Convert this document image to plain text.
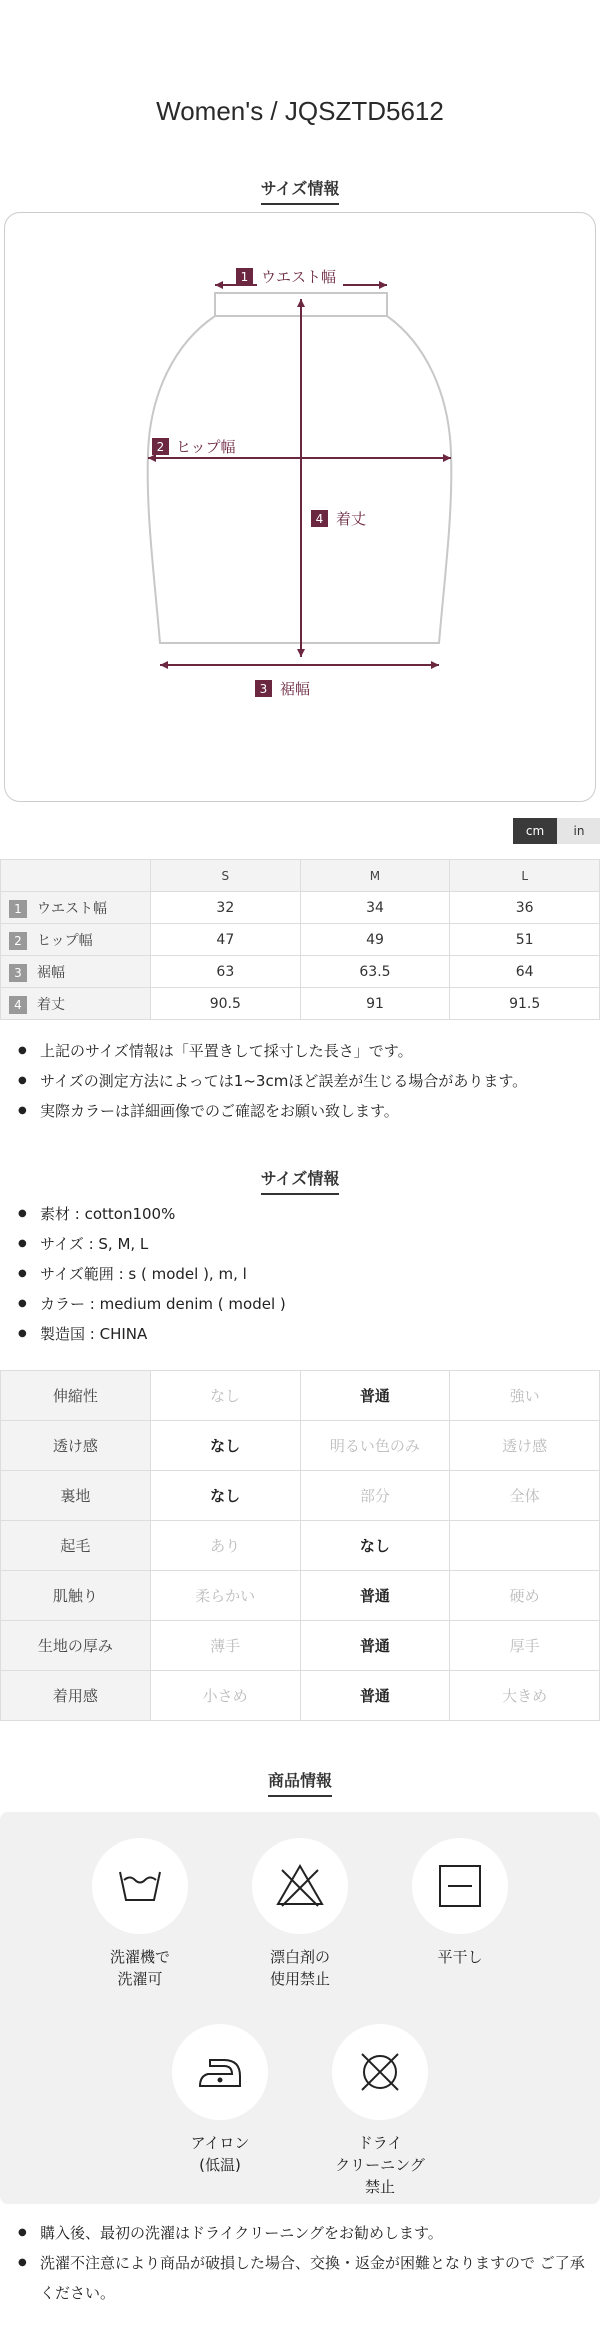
Women's / JQSZTD5612
サイズ情報
1 ウエスト幅
2 ヒップ幅
4 着丈
3 裾幅
cm	in
	S	M	L
1 ウエスト幅	32	34	36
2 ヒップ幅	47	49	51
3 裾幅	63	63.5	64
4 着丈	90.5	91	91.5
● 上記のサイズ情報は「平置きして採寸した長さ」です。
● サイズの測定方法によっては1~3cmほど誤差が生じる場合があります。
● 実際カラーは詳細画像でのご確認をお願い致します。
サイズ情報
● 素材 : cotton100%
● サイズ : S, M, L
● サイズ範囲 : s ( model ), m, l
● カラー : medium denim ( model )
● 製造国 : CHINA
伸縮性	なし	普通	強い
透け感	なし	明るい色のみ	透け感
裏地	なし	部分	全体
起毛	あり	なし	
肌触り	柔らかい	普通	硬め
生地の厚み	薄手	普通	厚手
着用感	小さめ	普通	大きめ
商品情報
洗濯機で
洗濯可
漂白剤の
使用禁止
平干し
アイロン
(低温)
ドライ
クリーニング
禁止
● 購入後、最初の洗濯はドライクリーニングをお勧めします。
● 洗濯不注意により商品が破損した場合、交換・返金が困難となりますので ご了承ください。
